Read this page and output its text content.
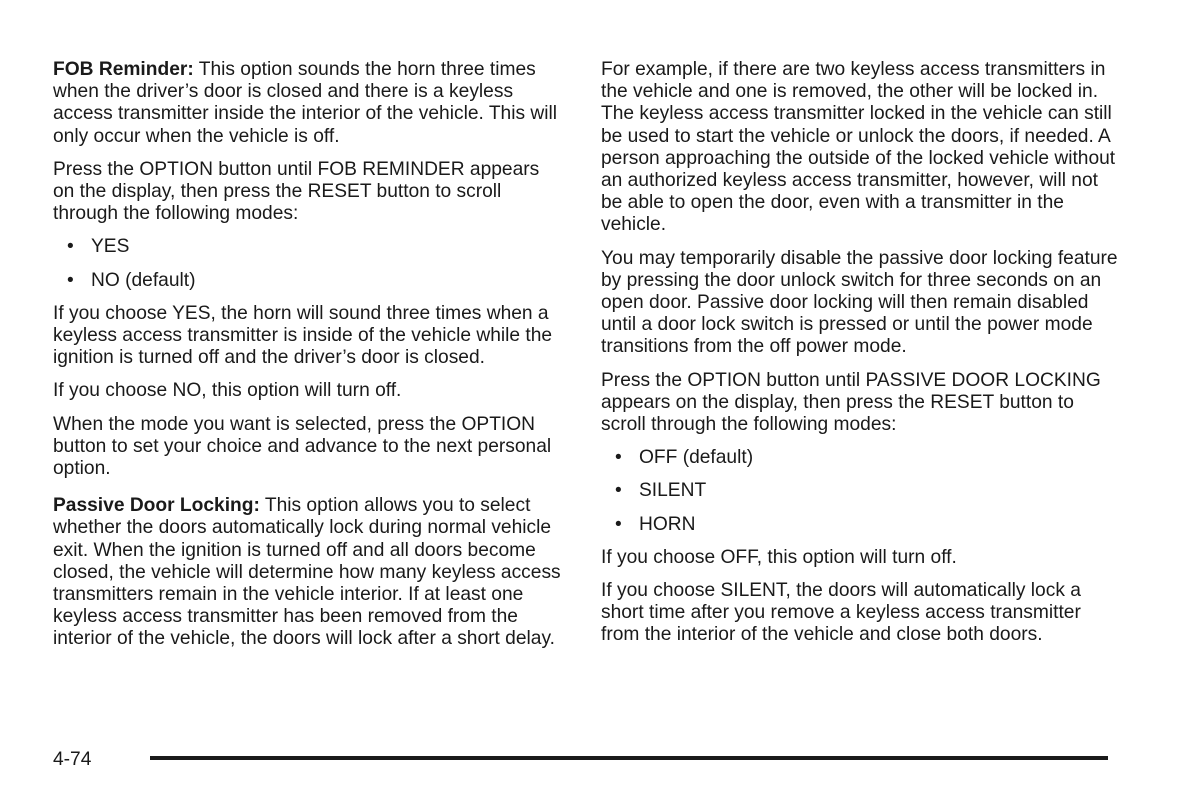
FOB Reminder: This option sounds the horn three times when the driver’s door is closed and there is a keyless access transmitter inside the interior of the vehicle. This will only occur when the vehicle is off.

Press the OPTION button until FOB REMINDER appears on the display, then press the RESET button to scroll through the following modes:

• YES
• NO (default)

If you choose YES, the horn will sound three times when a keyless access transmitter is inside of the vehicle while the ignition is turned off and the driver’s door is closed.

If you choose NO, this option will turn off.

When the mode you want is selected, press the OPTION button to set your choice and advance to the next personal option.

Passive Door Locking: This option allows you to select whether the doors automatically lock during normal vehicle exit. When the ignition is turned off and all doors become closed, the vehicle will determine how many keyless access transmitters remain in the vehicle interior. If at least one keyless access transmitter has been removed from the interior of the vehicle, the doors will lock after a short delay.

For example, if there are two keyless access transmitters in the vehicle and one is removed, the other will be locked in. The keyless access transmitter locked in the vehicle can still be used to start the vehicle or unlock the doors, if needed. A person approaching the outside of the locked vehicle without an authorized keyless access transmitter, however, will not be able to open the door, even with a transmitter in the vehicle.

You may temporarily disable the passive door locking feature by pressing the door unlock switch for three seconds on an open door. Passive door locking will then remain disabled until a door lock switch is pressed or until the power mode transitions from the off power mode.

Press the OPTION button until PASSIVE DOOR LOCKING appears on the display, then press the RESET button to scroll through the following modes:

• OFF (default)
• SILENT
• HORN

If you choose OFF, this option will turn off.

If you choose SILENT, the doors will automatically lock a short time after you remove a keyless access transmitter from the interior of the vehicle and close both doors.

4-74
